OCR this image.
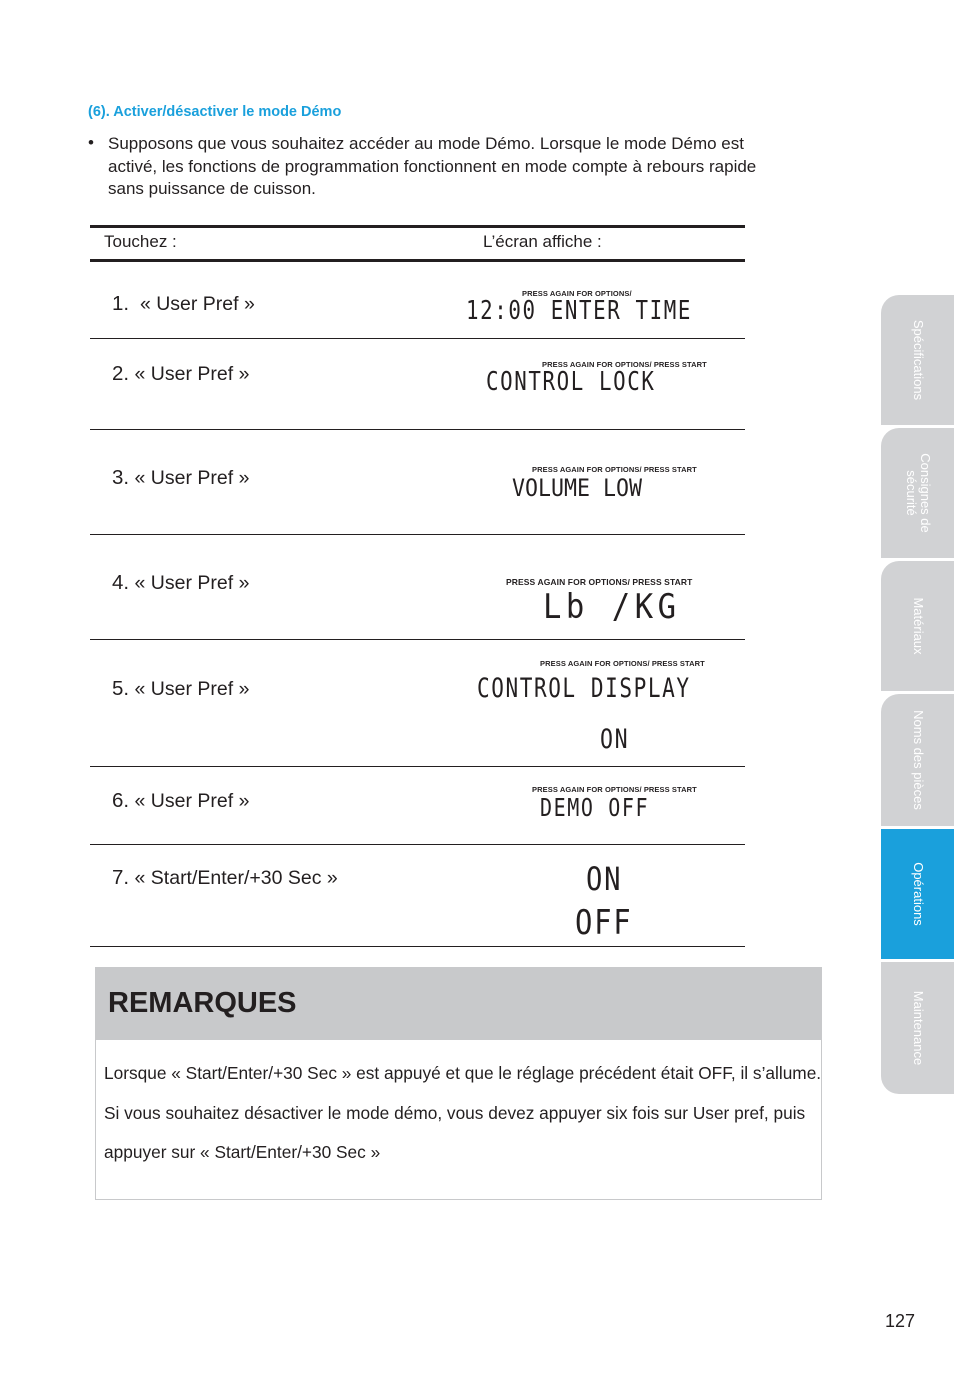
(6). Activer/désactiver le mode Démo
• Supposons que vous souhaitez accéder au mode Démo. Lorsque le mode Démo est activé, les fonctions de programmation fonctionnent en mode compte à rebours rapide sans puissance de cuisson.
Touchez :	L’écran affiche :
1. « User Pref »	PRESS AGAIN FOR OPTIONS/
12:00 ENTER TIME
2. « User Pref »	PRESS AGAIN FOR OPTIONS/ PRESS START
CONTROL LOCK
3. « User Pref »	PRESS AGAIN FOR OPTIONS/ PRESS START
VOLUME LOW
4. « User Pref »	PRESS AGAIN FOR OPTIONS/ PRESS START
Lb /KG
5. « User Pref »
PRESS AGAIN FOR OPTIONS/ PRESS START
CONTROL DISPLAY
ON
6. « User Pref »
PRESS AGAIN FOR OPTIONS/ PRESS START
DEMO OFF
7. « Start/Enter/+30 Sec »	ON
OFF
REMARQUES
Lorsque « Start/Enter/+30 Sec » est appuyé et que le réglage précédent était OFF, il s’allume. Si vous souhaitez désactiver le mode démo, vous devez appuyer six fois sur User pref, puis appuyer sur « Start/Enter/+30 Sec »
Spécifications
Consignes de sécurité
Matériaux
Noms des pièces
Opérations
Maintenance
127
